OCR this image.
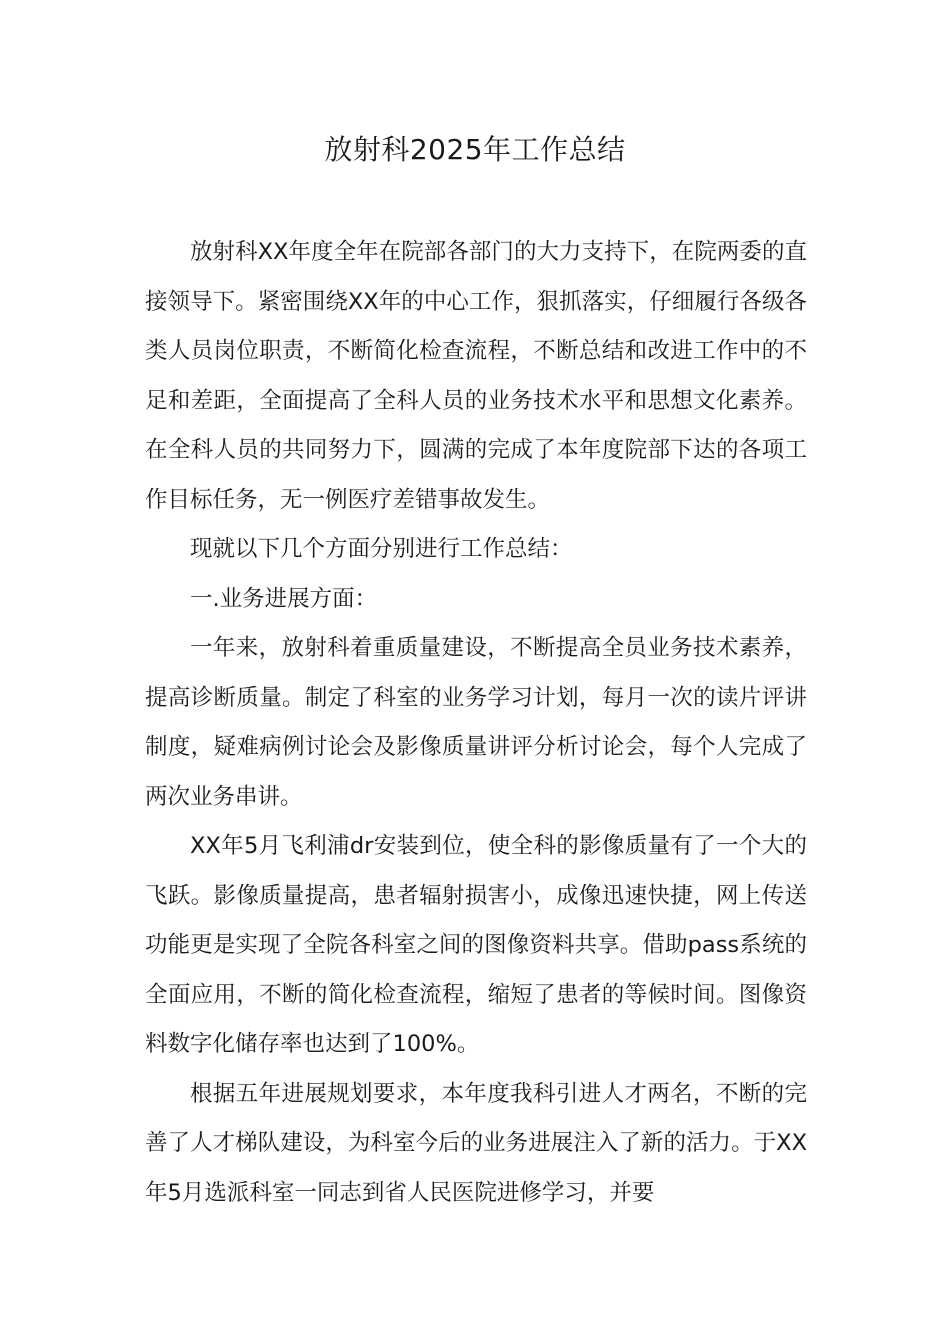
放射科2025年工作总结

放射科XX年度全年在院部各部门的大力支持下，在院两委的直接领导下。紧密围绕XX年的中心工作，狠抓落实，仔细履行各级各类人员岗位职责，不断简化检查流程，不断总结和改进工作中的不足和差距，全面提高了全科人员的业务技术水平和思想文化素养。在全科人员的共同努力下，圆满的完成了本年度院部下达的各项工作目标任务，无一例医疗差错事故发生。

现就以下几个方面分别进行工作总结：

一.业务进展方面：

一年来，放射科着重质量建设，不断提高全员业务技术素养，提高诊断质量。制定了科室的业务学习计划，每月一次的读片评讲制度，疑难病例讨论会及影像质量讲评分析讨论会，每个人完成了两次业务串讲。

XX年5月飞利浦dr安装到位，使全科的影像质量有了一个大的飞跃。影像质量提高，患者辐射损害小，成像迅速快捷，网上传送功能更是实现了全院各科室之间的图像资料共享。借助pass系统的全面应用，不断的简化检查流程，缩短了患者的等候时间。图像资料数字化储存率也达到了100%。

根据五年进展规划要求，本年度我科引进人才两名，不断的完善了人才梯队建设，为科室今后的业务进展注入了新的活力。于XX年5月选派科室一同志到省人民医院进修学习，并要
